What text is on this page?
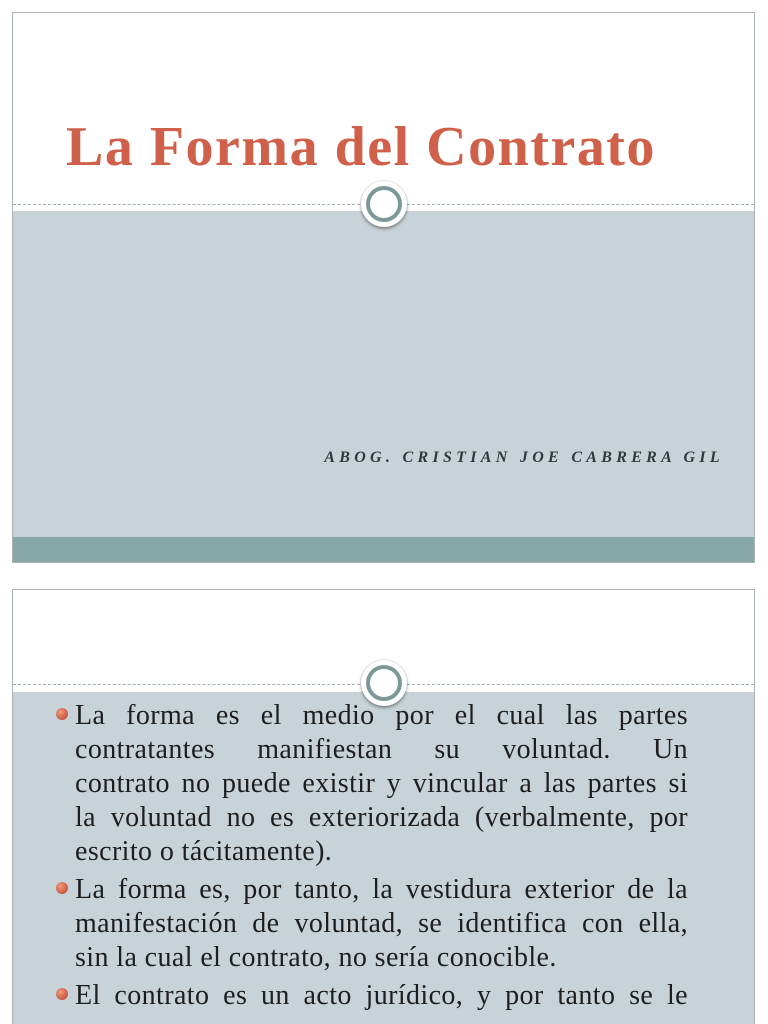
La Forma del Contrato
ABOG. CRISTIAN JOE CABRERA GIL
La forma es el medio por el cual las partes
contratantes manifiestan su voluntad. Un
contrato no puede existir y vincular a las partes si
la voluntad no es exteriorizada (verbalmente, por
escrito o tácitamente).
La forma es, por tanto, la vestidura exterior de la
manifestación de voluntad, se identifica con ella,
sin la cual el contrato, no sería conocible.
El contrato es un acto jurídico, y por tanto se le
